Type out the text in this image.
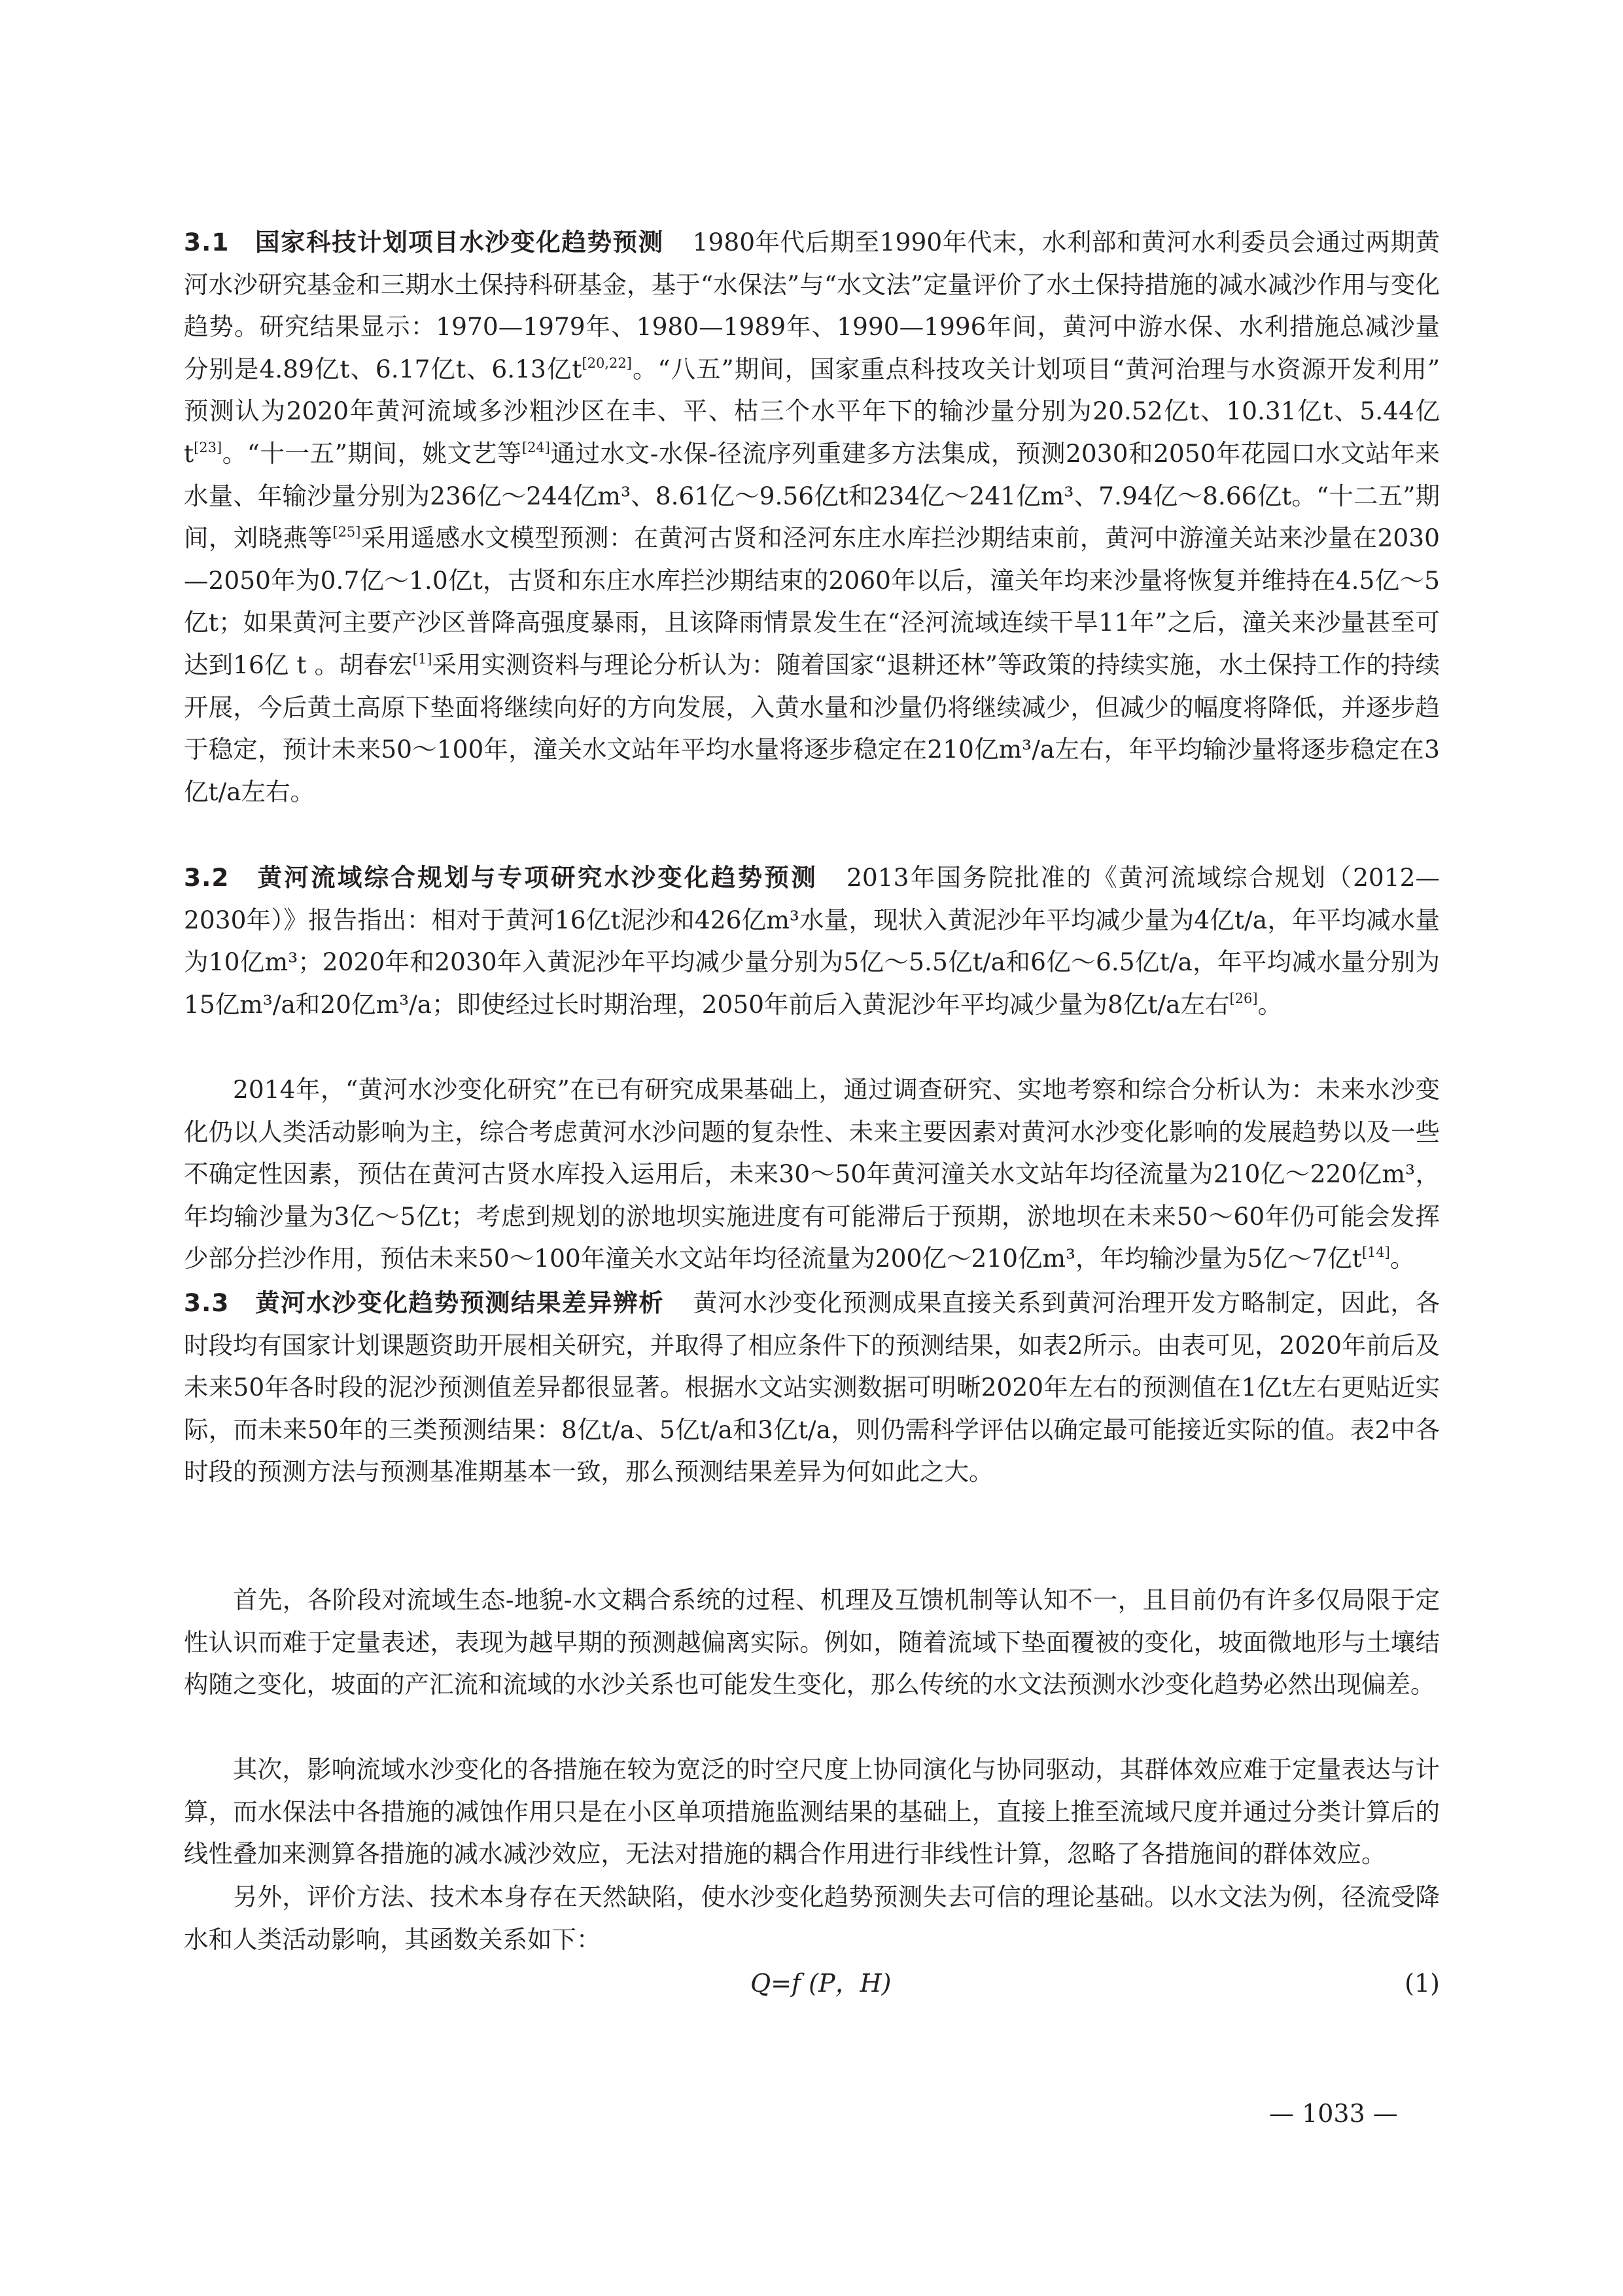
3.1　国家科技计划项目水沙变化趋势预测 1980年代后期至1990年代末，水利部和黄河水利委员会通过两期黄河水沙研究基金和三期水土保持科研基金，基于“水保法”与“水文法”定量评价了水土保持措施的减水减沙作用与变化趋势。研究结果显示：1970—1979年、1980—1989年、1990—1996年间，黄河中游水保、水利措施总减沙量分别是4.89亿t、6.17亿t、6.13亿t[20,22]。“八五”期间，国家重点科技攻关计划项目“黄河治理与水资源开发利用” 预测认为2020年黄河流域多沙粗沙区在丰、平、枯三个水平年下的输沙量分别为20.52亿t、10.31亿t、5.44亿t[23]。“十一五”期间，姚文艺等[24]通过水文-水保-径流序列重建多方法集成，预测2030和2050年花园口水文站年来水量、年输沙量分别为236亿～244亿m³、8.61亿～9.56亿t和234亿～241亿m³、7.94亿～8.66亿t。“十二五”期间，刘晓燕等[25]采用遥感水文模型预测：在黄河古贤和泾河东庄水库拦沙期结束前，黄河中游潼关站来沙量在2030—2050年为0.7亿～1.0亿t，古贤和东庄水库拦沙期结束的2060年以后，潼关年均来沙量将恢复并维持在4.5亿～5亿t；如果黄河主要产沙区普降高强度暴雨，且该降雨情景发生在“泾河流域连续干旱11年”之后，潼关来沙量甚至可达到16亿 t 。胡春宏[1]采用实测资料与理论分析认为：随着国家“退耕还林”等政策的持续实施，水土保持工作的持续开展，今后黄土高原下垫面将继续向好的方向发展，入黄水量和沙量仍将继续减少，但减少的幅度将降低，并逐步趋于稳定，预计未来50～100年，潼关水文站年平均水量将逐步稳定在210亿m³/a左右，年平均输沙量将逐步稳定在3亿t/a左右。

3.2　黄河流域综合规划与专项研究水沙变化趋势预测 2013年国务院批准的《黄河流域综合规划（2012—2030年）》报告指出：相对于黄河16亿t泥沙和426亿m³水量，现状入黄泥沙年平均减少量为4亿t/a，年平均减水量为10亿m³；2020年和2030年入黄泥沙年平均减少量分别为5亿～5.5亿t/a和6亿～6.5亿t/a，年平均减水量分别为15亿m³/a和20亿m³/a；即使经过长时期治理，2050年前后入黄泥沙年平均减少量为8亿t/a左右[26]。

2014年，“黄河水沙变化研究”在已有研究成果基础上，通过调查研究、实地考察和综合分析认为：未来水沙变化仍以人类活动影响为主，综合考虑黄河水沙问题的复杂性、未来主要因素对黄河水沙变化影响的发展趋势以及一些不确定性因素，预估在黄河古贤水库投入运用后，未来30～50年黄河潼关水文站年均径流量为210亿～220亿m³，年均输沙量为3亿～5亿t；考虑到规划的淤地坝实施进度有可能滞后于预期，淤地坝在未来50～60年仍可能会发挥少部分拦沙作用，预估未来50～100年潼关水文站年均径流量为200亿～210亿m³，年均输沙量为5亿～7亿t[14]。

3.3　黄河水沙变化趋势预测结果差异辨析 黄河水沙变化预测成果直接关系到黄河治理开发方略制定，因此，各时段均有国家计划课题资助开展相关研究，并取得了相应条件下的预测结果，如表2所示。由表可见，2020年前后及未来50年各时段的泥沙预测值差异都很显著。根据水文站实测数据可明晰2020年左右的预测值在1亿t左右更贴近实际，而未来50年的三类预测结果：8亿t/a、5亿t/a和3亿t/a，则仍需科学评估以确定最可能接近实际的值。表2中各时段的预测方法与预测基准期基本一致，那么预测结果差异为何如此之大。

首先，各阶段对流域生态-地貌-水文耦合系统的过程、机理及互馈机制等认知不一，且目前仍有许多仅局限于定性认识而难于定量表述，表现为越早期的预测越偏离实际。例如，随着流域下垫面覆被的变化，坡面微地形与土壤结构随之变化，坡面的产汇流和流域的水沙关系也可能发生变化，那么传统的水文法预测水沙变化趋势必然出现偏差。

其次，影响流域水沙变化的各措施在较为宽泛的时空尺度上协同演化与协同驱动，其群体效应难于定量表达与计算，而水保法中各措施的减蚀作用只是在小区单项措施监测结果的基础上，直接上推至流域尺度并通过分类计算后的线性叠加来测算各措施的减水减沙效应，无法对措施的耦合作用进行非线性计算，忽略了各措施间的群体效应。

另外，评价方法、技术本身存在天然缺陷，使水沙变化趋势预测失去可信的理论基础。以水文法为例，径流受降水和人类活动影响，其函数关系如下：

Q=f (P，H)	(1)
— 1033 —
